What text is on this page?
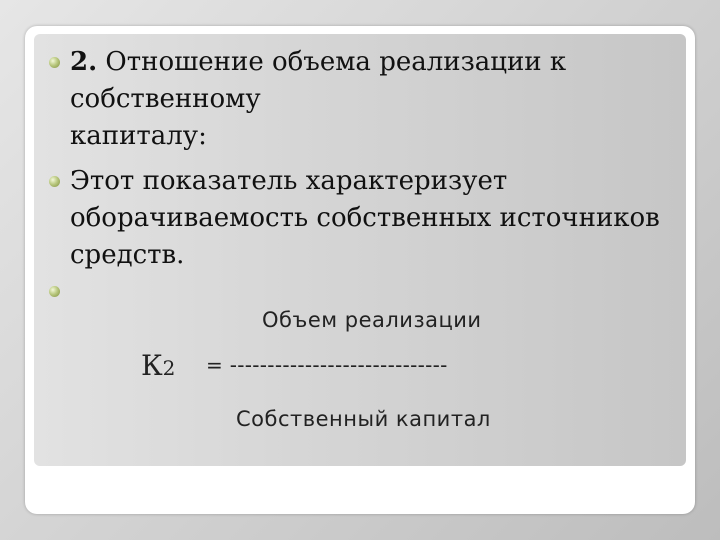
2. Отношение объема реализации к
собственному
капиталу:
Этот показатель характеризует
оборачиваемость собственных источников
средств.
Объем реализации
К2 = -----------------------------
Собственный капитал
